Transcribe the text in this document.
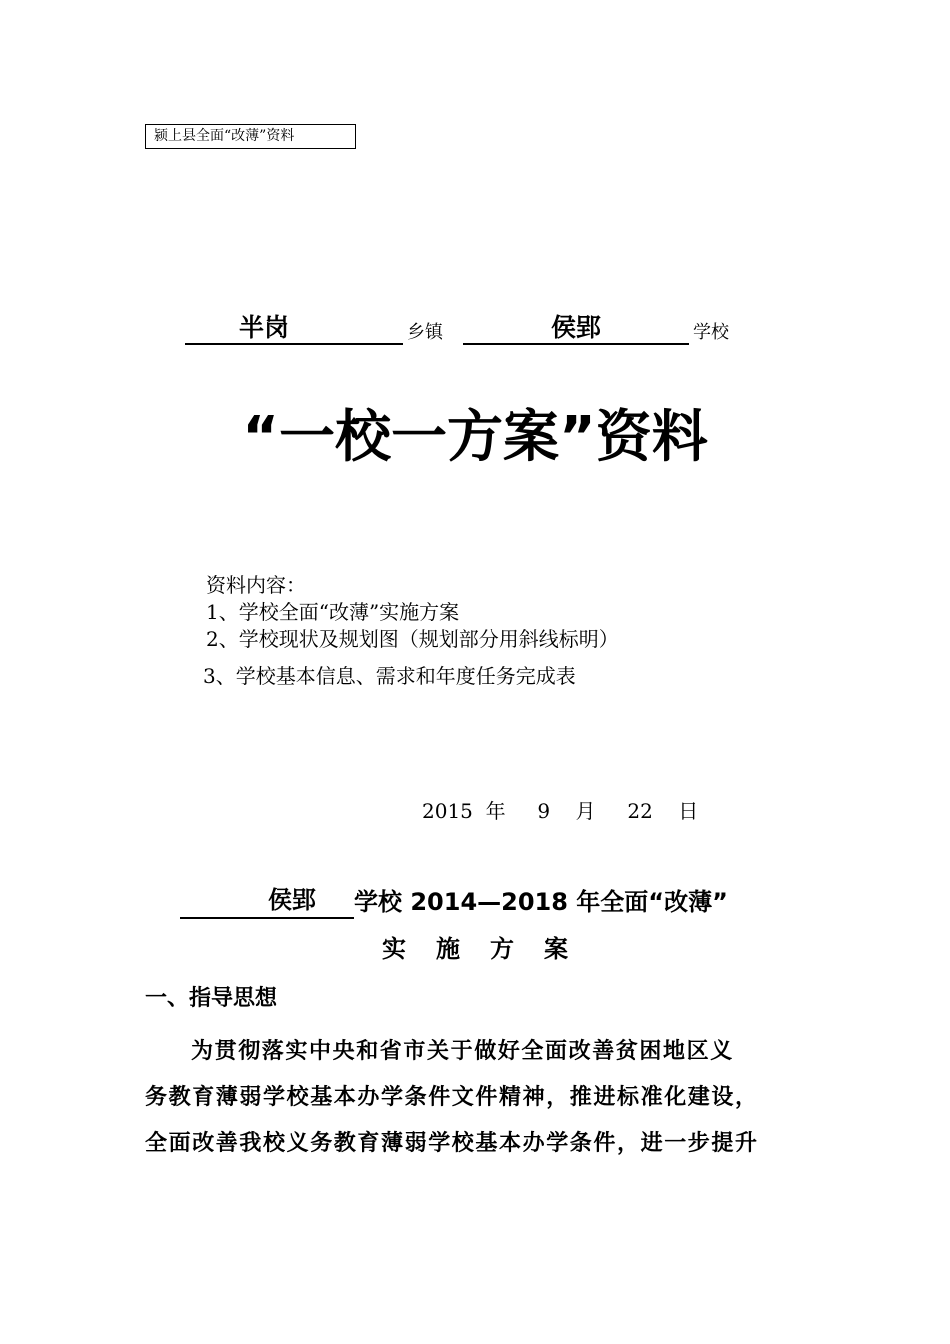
颍上县全面“改薄”资料
半岗	乡镇	侯郢	学校
“一校一方案”资料
资料内容：
1、学校全面“改薄”实施方案
2、学校现状及规划图（规划部分用斜线标明）
3、学校基本信息、需求和年度任务完成表
2015  年     9    月     22    日
侯郢 学校 2014—2018 年全面“改薄”
实施方案
一、指导思想
为贯彻落实中央和省市关于做好全面改善贫困地区义
务教育薄弱学校基本办学条件文件精神，推进标准化建设，
全面改善我校义务教育薄弱学校基本办学条件，进一步提升
